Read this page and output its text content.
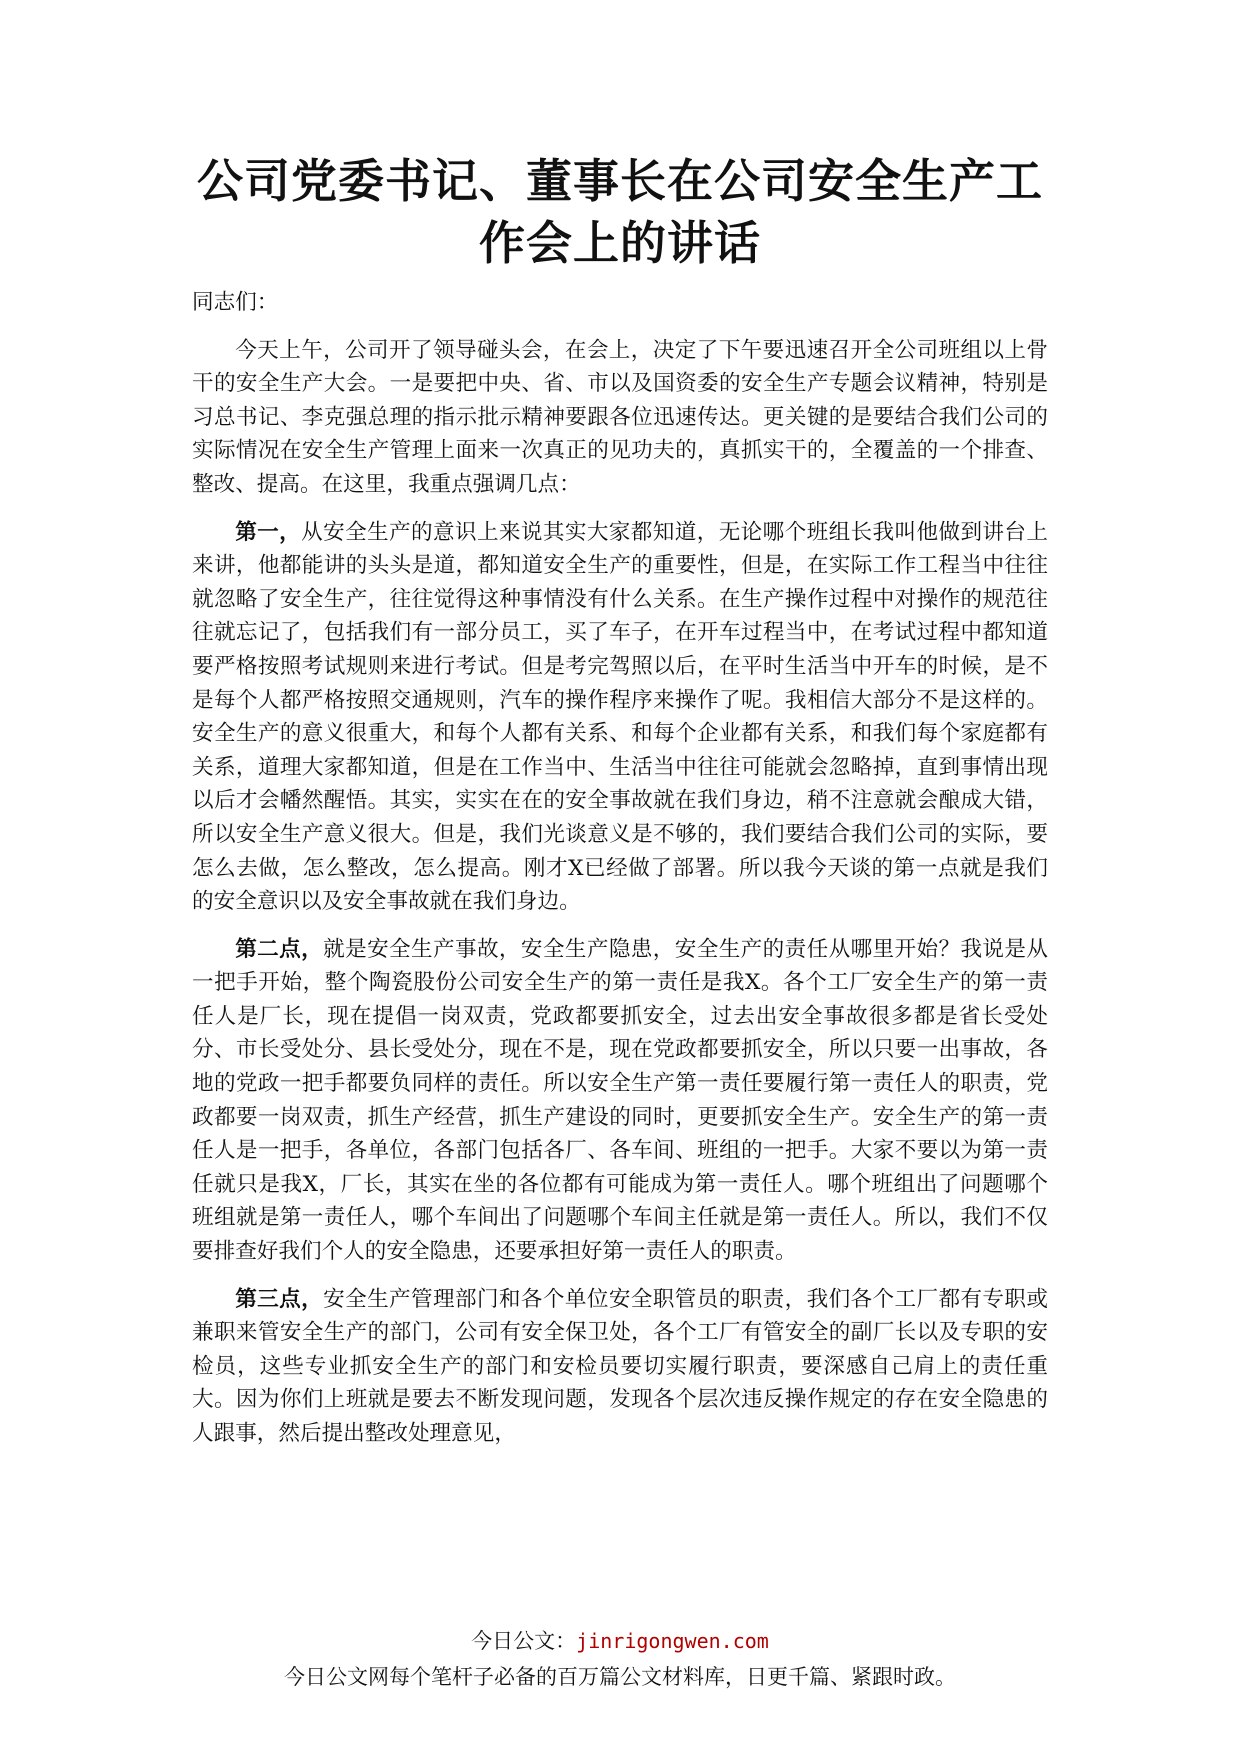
公司党委书记、董事长在公司安全生产工
作会上的讲话

同志们：

今天上午，公司开了领导碰头会，在会上，决定了下午要迅速召开全公司班组以上骨干的安全生产大会。一是要把中央、省、市以及国资委的安全生产专题会议精神，特别是习总书记、李克强总理的指示批示精神要跟各位迅速传达。更关键的是要结合我们公司的实际情况在安全生产管理上面来一次真正的见功夫的，真抓实干的，全覆盖的一个排查、整改、提高。在这里，我重点强调几点：

第一，从安全生产的意识上来说其实大家都知道，无论哪个班组长我叫他做到讲台上来讲，他都能讲的头头是道，都知道安全生产的重要性，但是，在实际工作工程当中往往就忽略了安全生产，往往觉得这种事情没有什么关系。在生产操作过程中对操作的规范往往就忘记了，包括我们有一部分员工，买了车子，在开车过程当中，在考试过程中都知道要严格按照考试规则来进行考试。但是考完驾照以后，在平时生活当中开车的时候，是不是每个人都严格按照交通规则，汽车的操作程序来操作了呢。我相信大部分不是这样的。安全生产的意义很重大，和每个人都有关系、和每个企业都有关系，和我们每个家庭都有关系，道理大家都知道，但是在工作当中、生活当中往往可能就会忽略掉，直到事情出现以后才会幡然醒悟。其实，实实在在的安全事故就在我们身边，稍不注意就会酿成大错，所以安全生产意义很大。但是，我们光谈意义是不够的，我们要结合我们公司的实际，要怎么去做，怎么整改，怎么提高。刚才X已经做了部署。所以我今天谈的第一点就是我们的安全意识以及安全事故就在我们身边。

第二点，就是安全生产事故，安全生产隐患，安全生产的责任从哪里开始？我说是从一把手开始，整个陶瓷股份公司安全生产的第一责任是我X。各个工厂安全生产的第一责任人是厂长，现在提倡一岗双责，党政都要抓安全，过去出安全事故很多都是省长受处分、市长受处分、县长受处分，现在不是，现在党政都要抓安全，所以只要一出事故，各地的党政一把手都要负同样的责任。所以安全生产第一责任要履行第一责任人的职责，党政都要一岗双责，抓生产经营，抓生产建设的同时，更要抓安全生产。安全生产的第一责任人是一把手，各单位，各部门包括各厂、各车间、班组的一把手。大家不要以为第一责任就只是我X，厂长，其实在坐的各位都有可能成为第一责任人。哪个班组出了问题哪个班组就是第一责任人，哪个车间出了问题哪个车间主任就是第一责任人。所以，我们不仅要排查好我们个人的安全隐患，还要承担好第一责任人的职责。

第三点，安全生产管理部门和各个单位安全职管员的职责，我们各个工厂都有专职或兼职来管安全生产的部门，公司有安全保卫处，各个工厂有管安全的副厂长以及专职的安检员，这些专业抓安全生产的部门和安检员要切实履行职责，要深感自己肩上的责任重大。因为你们上班就是要去不断发现问题，发现各个层次违反操作规定的存在安全隐患的人跟事，然后提出整改处理意见，

今日公文：jinrigongwen.com
今日公文网每个笔杆子必备的百万篇公文材料库，日更千篇、紧跟时政。
